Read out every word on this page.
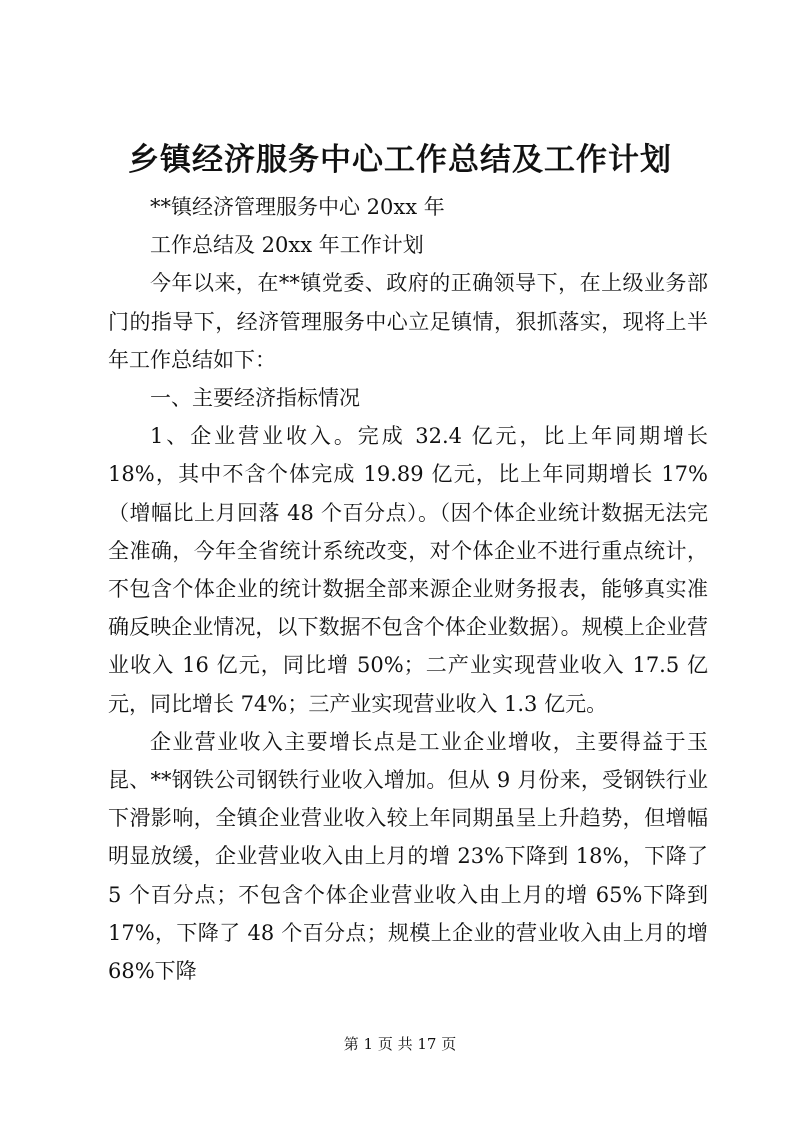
乡镇经济服务中心工作总结及工作计划

**镇经济管理服务中心 20xx 年

工作总结及 20xx 年工作计划

今年以来，在**镇党委、政府的正确领导下，在上级业务部门的指导下，经济管理服务中心立足镇情，狠抓落实，现将上半年工作总结如下：

一、主要经济指标情况

1、企业营业收入。完成 32.4 亿元，比上年同期增长 18%，其中不含个体完成 19.89 亿元，比上年同期增长 17%（增幅比上月回落 48 个百分点）。（因个体企业统计数据无法完全准确，今年全省统计系统改变，对个体企业不进行重点统计，不包含个体企业的统计数据全部来源企业财务报表，能够真实准确反映企业情况，以下数据不包含个体企业数据）。规模上企业营业收入 16 亿元，同比增 50%；二产业实现营业收入 17.5 亿元，同比增长 74%；三产业实现营业收入 1.3 亿元。

企业营业收入主要增长点是工业企业增收，主要得益于玉昆、**钢铁公司钢铁行业收入增加。但从 9 月份来，受钢铁行业下滑影响，全镇企业营业收入较上年同期虽呈上升趋势，但增幅明显放缓，企业营业收入由上月的增 23%下降到 18%，下降了 5 个百分点；不包含个体企业营业收入由上月的增 65%下降到 17%，下降了 48 个百分点；规模上企业的营业收入由上月的增 68%下降

第 1 页 共 17 页
